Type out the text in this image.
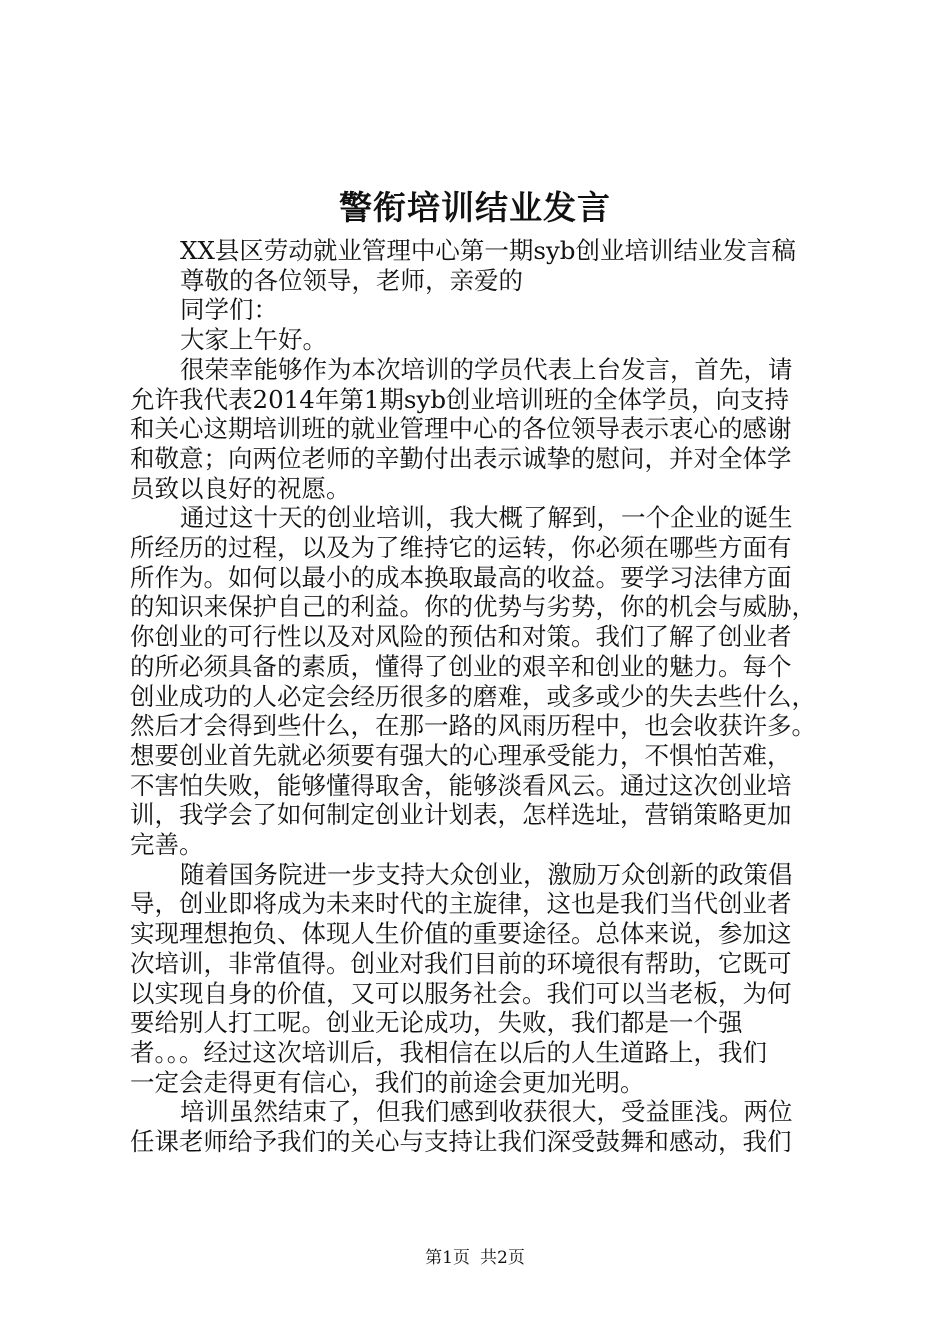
警衔培训结业发言

XX县区劳动就业管理中心第一期syb创业培训结业发言稿

尊敬的各位领导，老师，亲爱的

同学们：

大家上午好。

很荣幸能够作为本次培训的学员代表上台发言，首先，请

允许我代表2014年第1期syb创业培训班的全体学员，向支持

和关心这期培训班的就业管理中心的各位领导表示衷心的感谢

和敬意；向两位老师的辛勤付出表示诚挚的慰问，并对全体学

员致以良好的祝愿。

通过这十天的创业培训，我大概了解到，一个企业的诞生

所经历的过程，以及为了维持它的运转，你必须在哪些方面有

所作为。如何以最小的成本换取最高的收益。要学习法律方面

的知识来保护自己的利益。你的优势与劣势，你的机会与威胁，

你创业的可行性以及对风险的预估和对策。我们了解了创业者

的所必须具备的素质，懂得了创业的艰辛和创业的魅力。每个

创业成功的人必定会经历很多的磨难，或多或少的失去些什么，

然后才会得到些什么，在那一路的风雨历程中，也会收获许多。

想要创业首先就必须要有强大的心理承受能力，不惧怕苦难，

不害怕失败，能够懂得取舍，能够淡看风云。通过这次创业培

训，我学会了如何制定创业计划表，怎样选址，营销策略更加

完善。

随着国务院进一步支持大众创业，激励万众创新的政策倡

导，创业即将成为未来时代的主旋律，这也是我们当代创业者

实现理想抱负、体现人生价值的重要途径。总体来说，参加这

次培训，非常值得。创业对我们目前的环境很有帮助，它既可

以实现自身的价值，又可以服务社会。我们可以当老板，为何

要给别人打工呢。创业无论成功，失败，我们都是一个强

者。。。经过这次培训后，我相信在以后的人生道路上，我们

一定会走得更有信心，我们的前途会更加光明。

培训虽然结束了，但我们感到收获很大，受益匪浅。两位

任课老师给予我们的关心与支持让我们深受鼓舞和感动，我们

第1页 共2页
